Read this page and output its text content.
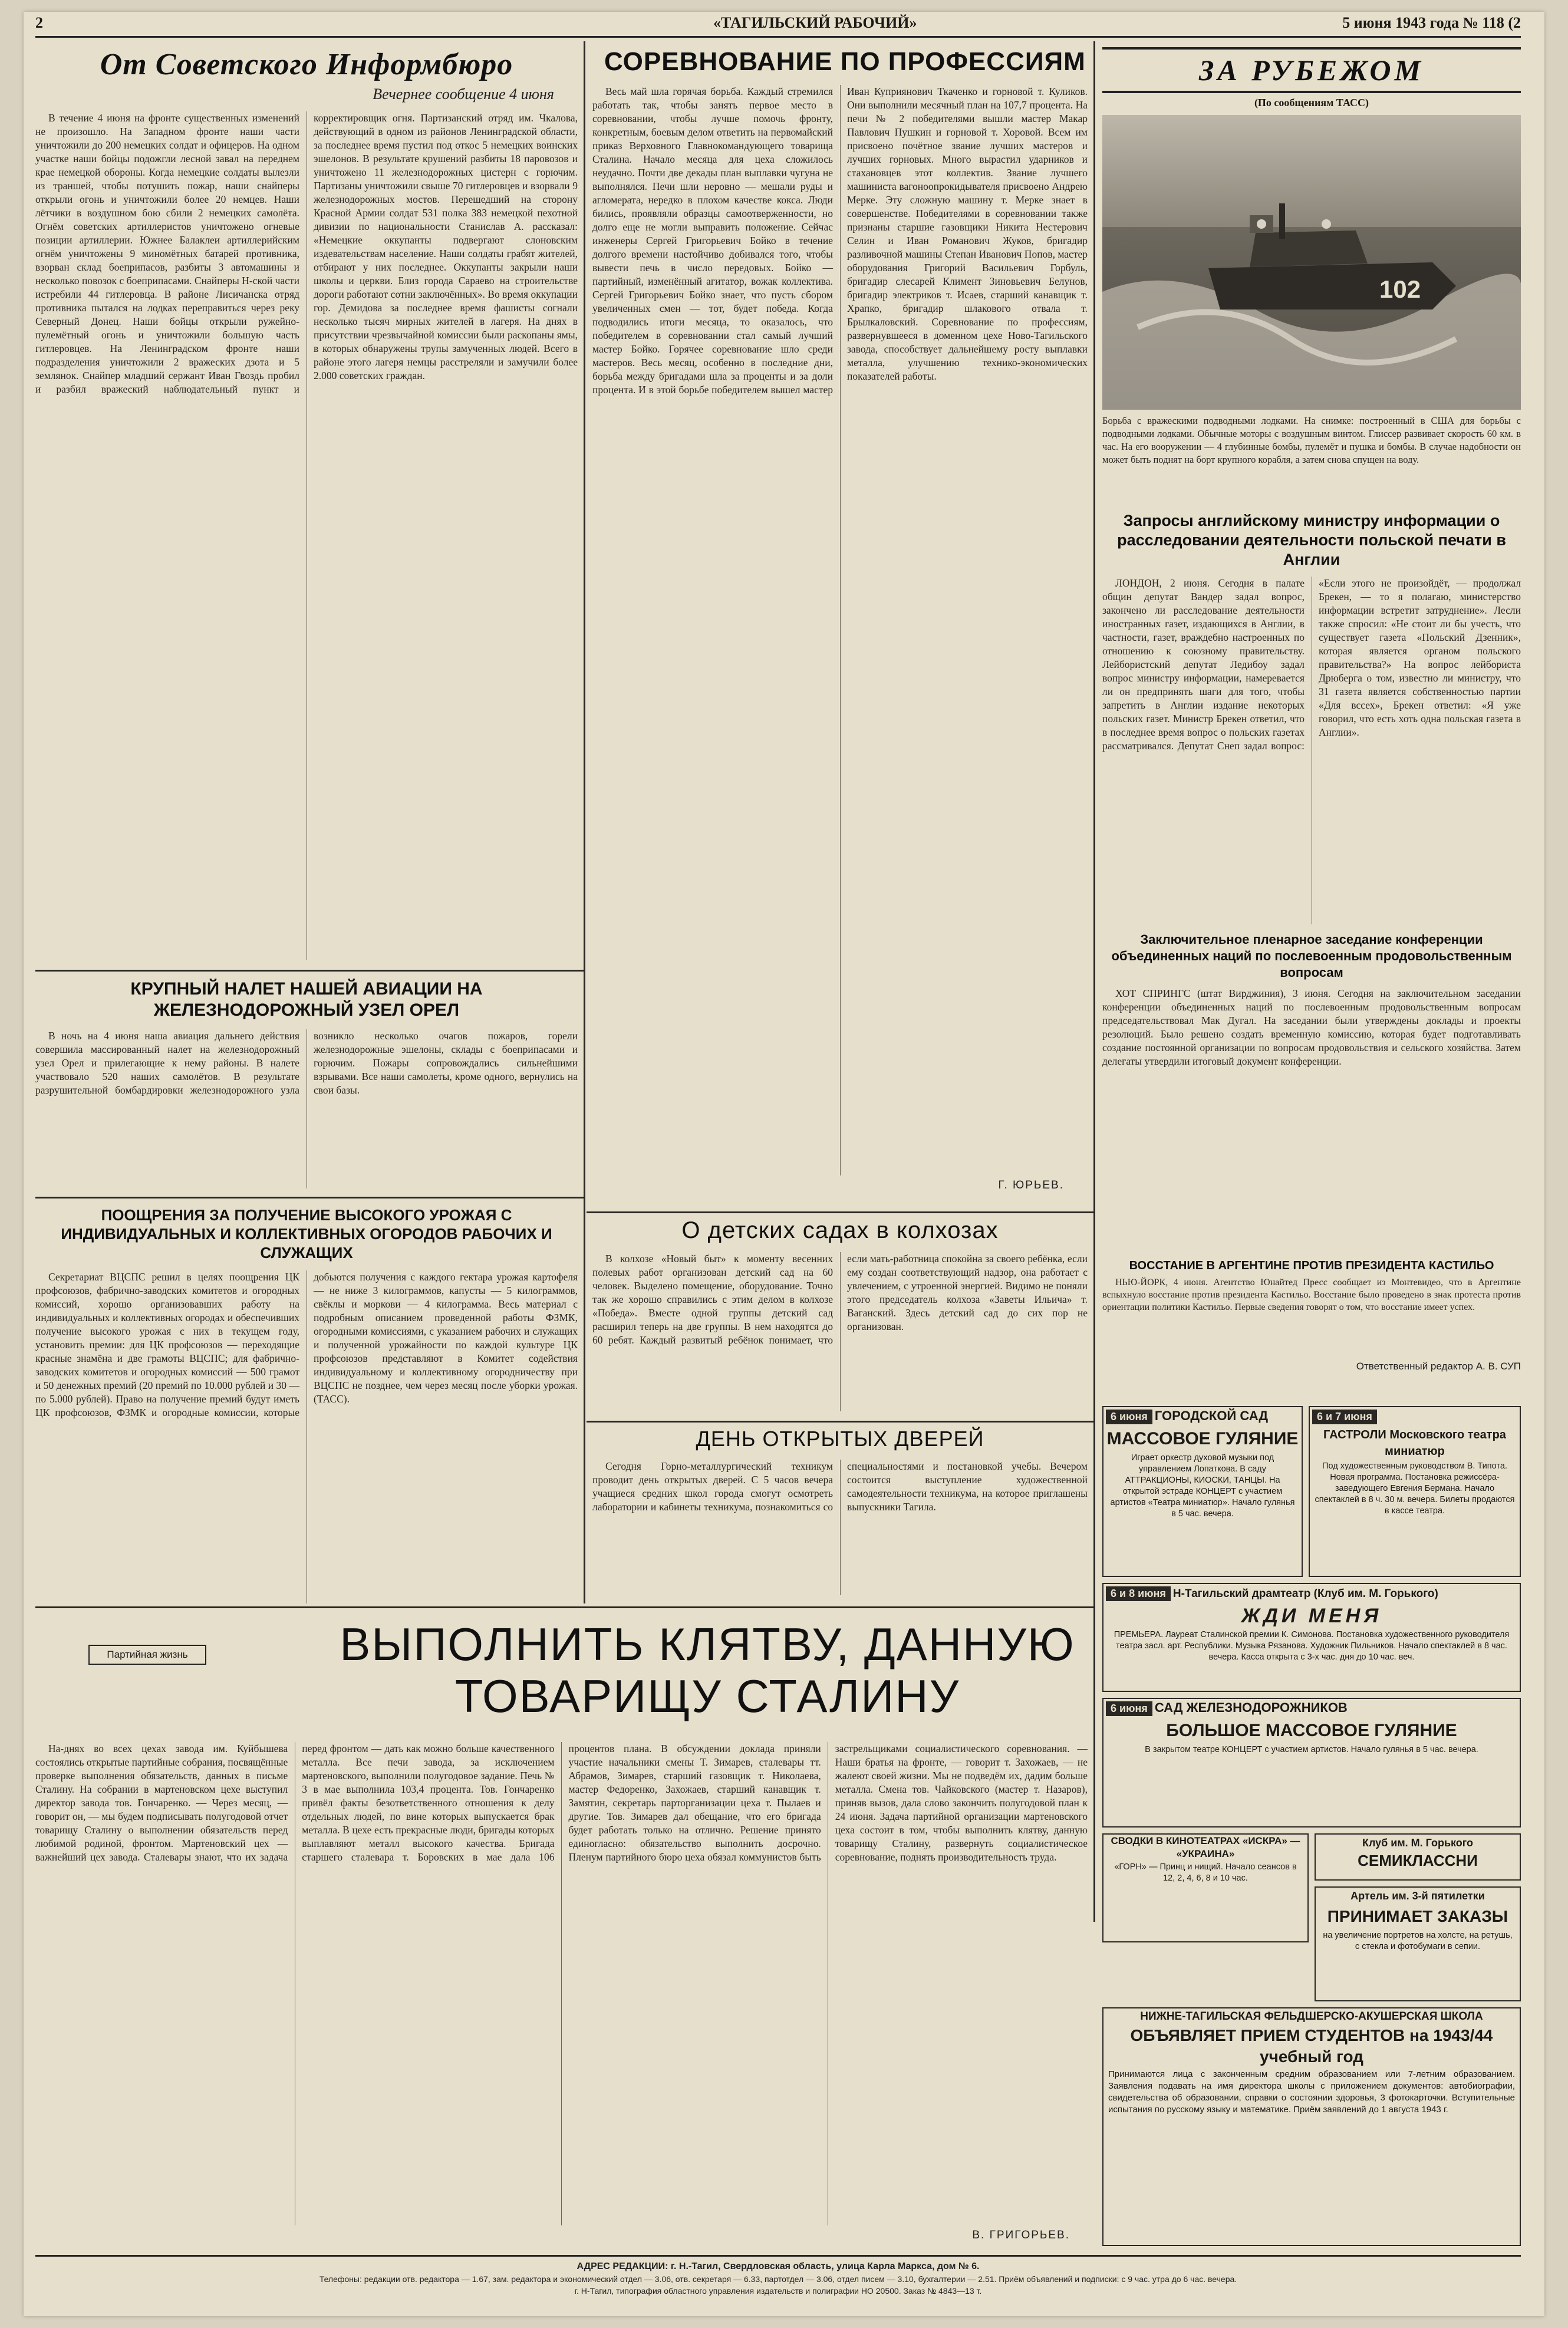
2	«ТАГИЛЬСКИЙ РАБОЧИЙ»	5 июня 1943 года № 118 (2
От Советского Информбюро
Вечернее сообщение 4 июня
В течение 4 июня на фронте существенных изменений не произошло. На Западном фронте наши части уничтожили до 200 немецких солдат и офицеров. На одном участке наши бойцы подожгли лесной завал на переднем крае немецкой обороны. Когда немецкие солдаты вылезли из траншей, чтобы потушить пожар, наши снайперы открыли огонь и уничтожили более 20 немцев. Наши лётчики в воздушном бою сбили 2 немецких самолёта. Огнём советских артиллеристов уничтожено огневые позиции артиллерии. Южнее Балаклеи артиллерийским огнём уничтожены 9 миномётных батарей противника, взорван склад боеприпасов, разбиты 3 автомашины и несколько повозок с боеприпасами. Снайперы Н-ской части истребили 44 гитлеровца. В районе Лисичанска отряд противника пытался на лодках переправиться через реку Северный Донец. Наши бойцы открыли ружейно-пулемётный огонь и уничтожили большую часть гитлеровцев. На Ленинградском фронте наши подразделения уничтожили 2 вражеских дзота и 5 землянок. Снайпер младший сержант Иван Гвоздь пробил и разбил вражеский наблюдательный пункт и корректировщик огня. Партизанский отряд им. Чкалова, действующий в одном из районов Ленинградской области, за последнее время пустил под откос 5 немецких воинских эшелонов. В результате крушений разбиты 18 паровозов и уничтожено 11 железнодорожных цистерн с горючим. Партизаны уничтожили свыше 70 гитлеровцев и взорвали 9 железнодорожных мостов. Перешедший на сторону Красной Армии солдат 531 полка 383 немецкой пехотной дивизии по национальности Станислав А. рассказал: «Немецкие оккупанты подвергают слоновским издевательствам население. Наши солдаты грабят жителей, отбирают у них последнее. Оккупанты закрыли наши школы и церкви. Близ города Сараево на строительстве дороги работают сотни заключённых». Во время оккупации гор. Демидова за последнее время фашисты согнали несколько тысяч мирных жителей в лагеря. На днях в присутствии чрезвычайной комиссии были раскопаны ямы, в которых обнаружены трупы замученных людей. Всего в районе этого лагеря немцы расстреляли и замучили более 2.000 советских граждан.
КРУПНЫЙ НАЛЕТ НАШЕЙ АВИАЦИИ НА ЖЕЛЕЗНОДОРОЖНЫЙ УЗЕЛ ОРЕЛ
В ночь на 4 июня наша авиация дальнего действия совершила массированный налет на железнодорожный узел Орел и прилегающие к нему районы. В налете участвовало 520 наших самолётов. В результате разрушительной бомбардировки железнодорожного узла возникло несколько очагов пожаров, горели железнодорожные эшелоны, склады с боеприпасами и горючим. Пожары сопровождались сильнейшими взрывами. Все наши самолеты, кроме одного, вернулись на свои базы.
ПООЩРЕНИЯ ЗА ПОЛУЧЕНИЕ ВЫСОКОГО УРОЖАЯ С ИНДИВИДУАЛЬНЫХ И КОЛЛЕКТИВНЫХ ОГОРОДОВ РАБОЧИХ И СЛУЖАЩИХ
Секретариат ВЦСПС решил в целях поощрения ЦК профсоюзов, фабрично-заводских комитетов и огородных комиссий, хорошо организовавших работу на индивидуальных и коллективных огородах и обеспечивших получение высокого урожая с них в текущем году, установить премии: для ЦК профсоюзов — переходящие красные знамёна и две грамоты ВЦСПС; для фабрично-заводских комитетов и огородных комиссий — 500 грамот и 50 денежных премий (20 премий по 10.000 рублей и 30 — по 5.000 рублей). Право на получение премий будут иметь ЦК профсоюзов, ФЗМК и огородные комиссии, которые добьются получения с каждого гектара урожая картофеля — не ниже 3 килограммов, капусты — 5 килограммов, свёклы и моркови — 4 килограмма. Весь материал с подробным описанием проведенной работы ФЗМК, огородными комиссиями, с указанием рабочих и служащих и полученной урожайности по каждой культуре ЦК профсоюзов представляют в Комитет содействия индивидуальному и коллективному огородничеству при ВЦСПС не позднее, чем через месяц после уборки урожая. (ТАСС).
СОРЕВНОВАНИЕ ПО ПРОФЕССИЯМ
Весь май шла горячая борьба. Каждый стремился работать так, чтобы занять первое место в соревновании, чтобы лучше помочь фронту, конкретным, боевым делом ответить на первомайский приказ Верховного Главнокомандующего товарища Сталина. Начало месяца для цеха сложилось неудачно. Почти две декады план выплавки чугуна не выполнялся. Печи шли неровно — мешали руды и агломерата, нередко в плохом качестве кокса. Люди бились, проявляли образцы самоотверженности, но долго еще не могли выправить положение. Сейчас инженеры Сергей Григорьевич Бойко в течение долгого времени настойчиво добивался того, чтобы вывести печь в число передовых. Бойко — партийный, изменённый агитатор, вожак коллектива. Сергей Григорьевич Бойко знает, что пусть сбором увеличенных смен — тот, будет победа. Когда подводились итоги месяца, то оказалось, что победителем в соревновании стал самый лучший мастер Бойко. Горячее соревнование шло среди мастеров. Весь месяц, особенно в последние дни, борьба между бригадами шла за проценты и за доли процента. И в этой борьбе победителем вышел мастер Иван Куприянович Ткаченко и горновой т. Куликов. Они выполнили месячный план на 107,7 процента. На печи № 2 победителями вышли мастер Макар Павлович Пушкин и горновой т. Хоровой. Всем им присвоено почётное звание лучших мастеров и лучших горновых. Много вырастил ударников и стахановцев этот коллектив. Звание лучшего машиниста вагоноопрокидывателя присвоено Андрею Мерке. Эту сложную машину т. Мерке знает в совершенстве. Победителями в соревновании также признаны старшие газовщики Никита Нестерович Селин и Иван Романович Жуков, бригадир разливочной машины Степан Иванович Попов, мастер оборудования Григорий Васильевич Горбуль, бригадир слесарей Климент Зиновьевич Белунов, бригадир электриков т. Исаев, старший канавщик т. Храпко, бригадир шлакового отвала т. Брылкаловский. Соревнование по профессиям, развернувшееся в доменном цехе Ново-Тагильского завода, способствует дальнейшему росту выплавки металла, улучшению технико-экономических показателей работы.
Г. ЮРЬЕВ.
О детских садах в колхозах
В колхозе «Новый быт» к моменту весенних полевых работ организован детский сад на 60 человек. Выделено помещение, оборудование. Точно так же хорошо справились с этим делом в колхозе «Победа». Вместе одной группы детский сад расширил теперь на две группы. В нем находятся до 60 ребят. Каждый развитый ребёнок понимает, что если мать-работница спокойна за своего ребёнка, если ему создан соответствующий надзор, она работает с увлечением, с утроенной энергией. Видимо не поняли этого председатель колхоза «Заветы Ильича» т. Ваганский. Здесь детский сад до сих пор не организован.
ДЕНЬ ОТКРЫТЫХ ДВЕРЕЙ
Сегодня Горно-металлургический техникум проводит день открытых дверей. С 5 часов вечера учащиеся средних школ города смогут осмотреть лаборатории и кабинеты техникума, познакомиться со специальностями и постановкой учебы. Вечером состоится выступление художественной самодеятельности техникума, на которое приглашены выпускники Тагила.
ЗА РУБЕЖОМ
(По сообщениям ТАСС)
102
Борьба с вражескими подводными лодками. На снимке: построенный в США для борьбы с подводными лодками. Обычные моторы с воздушным винтом. Глиссер развивает скорость 60 км. в час. На его вооружении — 4 глубинные бомбы, пулемёт и пушка и бомбы. В случае надобности он может быть поднят на борт крупного корабля, а затем снова спущен на воду.
Запросы английскому министру информации о расследовании деятельности польской печати в Англии
ЛОНДОН, 2 июня. Сегодня в палате общин депутат Вандер задал вопрос, закончено ли расследование деятельности иностранных газет, издающихся в Англии, в частности, газет, враждебно настроенных по отношению к союзному правительству. Лейбористский депутат Ледибоу задал вопрос министру информации, намеревается ли он предпринять шаги для того, чтобы запретить в Англии издание некоторых польских газет. Министр Брекен ответил, что в последнее время вопрос о польских газетах рассматривался. Депутат Снеп задал вопрос: «Если этого не произойдёт, — продолжал Брекен, — то я полагаю, министерство информации встретит затруднение». Лесли также спросил: «Не стоит ли бы учесть, что существует газета «Польский Дзенник», которая является органом польского правительства?» На вопрос лейбориста Дрюберга о том, известно ли министру, что 31 газета является собственностью партии «Для вссех», Брекен ответил: «Я уже говорил, что есть хоть одна польская газета в Англии».
Заключительное пленарное заседание конференции объединенных наций по послевоенным продовольственным вопросам
ХОТ СПРИНГС (штат Вирджиния), 3 июня. Сегодня на заключительном заседании конференции объединенных наций по послевоенным продовольственным вопросам председательствовал Мак Дугал. На заседании были утверждены доклады и проекты резолюций. Было решено создать временную комиссию, которая будет подготавливать создание постоянной организации по вопросам продовольствия и сельского хозяйства. Затем делегаты утвердили итоговый документ конференции.
ВОССТАНИЕ В АРГЕНТИНЕ ПРОТИВ ПРЕЗИДЕНТА КАСТИЛЬО
НЬЮ-ЙОРК, 4 июня. Агентство Юнайтед Пресс сообщает из Монтевидео, что в Аргентине вспыхнуло восстание против президента Кастильо. Восстание было проведено в знак протеста против ориентации политики Кастильо. Первые сведения говорят о том, что восстание имеет успех.
Ответственный редактор А. В. СУП
6 июня ГОРОДСКОЙ САД
МАССОВОЕ ГУЛЯНИЕ
Играет оркестр духовой музыки под управлением Лопаткова. В саду АТТРАКЦИОНЫ, КИОСКИ, ТАНЦЫ. На открытой эстраде КОНЦЕРТ с участием артистов «Театра миниатюр». Начало гулянья в 5 час. вечера.
6 и 7 июня
ГАСТРОЛИ Московского театра миниатюр
Под художественным руководством В. Типота. Новая программа. Постановка режиссёра-заведующего Евгения Бермана. Начало спектаклей в 8 ч. 30 м. вечера. Билеты продаются в кассе театра.
6 и 8 июня Н-Тагильский драмтеатр (Клуб им. М. Горького)
ЖДИ МЕНЯ
ПРЕМЬЕРА. Лауреат Сталинской премии К. Симонова. Постановка художественного руководителя театра засл. арт. Республики. Музыка Рязанова. Художник Пильников. Начало спектаклей в 8 час. вечера. Касса открыта с 3-х час. дня до 10 час. веч.
6 июня САД ЖЕЛЕЗНОДОРОЖНИКОВ
БОЛЬШОЕ МАССОВОЕ ГУЛЯНИЕ
В закрытом театре КОНЦЕРТ с участием артистов. Начало гулянья в 5 час. вечера.
СВОДКИ В КИНОТЕАТРАХ «ИСКРА» — «УКРАИНА»
«ГОРН» — Принц и нищий. Начало сеансов в 12, 2, 4, 6, 8 и 10 час.
Клуб им. М. Горького
СЕМИКЛАССНИ
Артель им. 3-й пятилетки
ПРИНИМАЕТ ЗАКАЗЫ
на увеличение портретов на холсте, на ретушь, с стекла и фотобумаги в сепии.
НИЖНЕ-ТАГИЛЬСКАЯ ФЕЛЬДШЕРСКО-АКУШЕРСКАЯ ШКОЛА
ОБЪЯВЛЯЕТ ПРИЕМ СТУДЕНТОВ на 1943/44 учебный год
Принимаются лица с законченным средним образованием или 7-летним образованием. Заявления подавать на имя директора школы с приложением документов: автобиографии, свидетельства об образовании, справки о состоянии здоровья, 3 фотокарточки. Вступительные испытания по русскому языку и математике. Приём заявлений до 1 августа 1943 г.
Партийная жизнь	ВЫПОЛНИТЬ КЛЯТВУ, ДАННУЮ ТОВАРИЩУ СТАЛИНУ
На-днях во всех цехах завода им. Куйбышева состоялись открытые партийные собрания, посвящённые проверке выполнения обязательств, данных в письме Сталину. На собрании в мартеновском цехе выступил директор завода тов. Гончаренко. — Через месяц, — говорит он, — мы будем подписывать полугодовой отчет товарищу Сталину о выполнении обязательств перед любимой родиной, фронтом. Мартеновский цех — важнейший цех завода. Сталевары знают, что их задача перед фронтом — дать как можно больше качественного металла. Все печи завода, за исключением мартеновского, выполнили полугодовое задание. Печь № 3 в мае выполнила 103,4 процента. Тов. Гончаренко привёл факты безответственного отношения к делу отдельных людей, по вине которых выпускается брак металла. В цехе есть прекрасные люди, бригады которых выплавляют металл высокого качества. Бригада старшего сталевара т. Боровских в мае дала 106 процентов плана. В обсуждении доклада приняли участие начальники смены Т. Зимарев, сталевары тт. Абрамов, Зимарев, старший газовщик т. Николаева, мастер Федоренко, Захожаев, старший канавщик т. Замятин, секретарь парторганизации цеха т. Пылаев и другие. Тов. Зимарев дал обещание, что его бригада будет работать только на отлично. Решение принято единогласно: обязательство выполнить досрочно. Пленум партийного бюро цеха обязал коммунистов быть застрельщиками социалистического соревнования. — Наши братья на фронте, — говорит т. Захожаев, — не жалеют своей жизни. Мы не подведём их, дадим больше металла. Смена тов. Чайковского (мастер т. Назаров), приняв вызов, дала слово закончить полугодовой план к 24 июня. Задача партийной организации мартеновского цеха состоит в том, чтобы выполнить клятву, данную товарищу Сталину, развернуть социалистическое соревнование, поднять производительность труда.
В. ГРИГОРЬЕВ.
АДРЕС РЕДАКЦИИ: г. Н.-Тагил, Свердловская область, улица Карла Маркса, дом № 6.
Телефоны: редакции отв. редактора — 1.67, зам. редактора и экономический отдел — 3.06, отв. секретаря — 6.33, партотдел — 3.06, отдел писем — 3.10, бухгалтерии — 2.51. Приём объявлений и подписки: с 9 час. утра до 6 час. вечера.
г. Н-Тагил, типография областного управления издательств и полиграфии НО 20500. Заказ № 4843—13 т.
